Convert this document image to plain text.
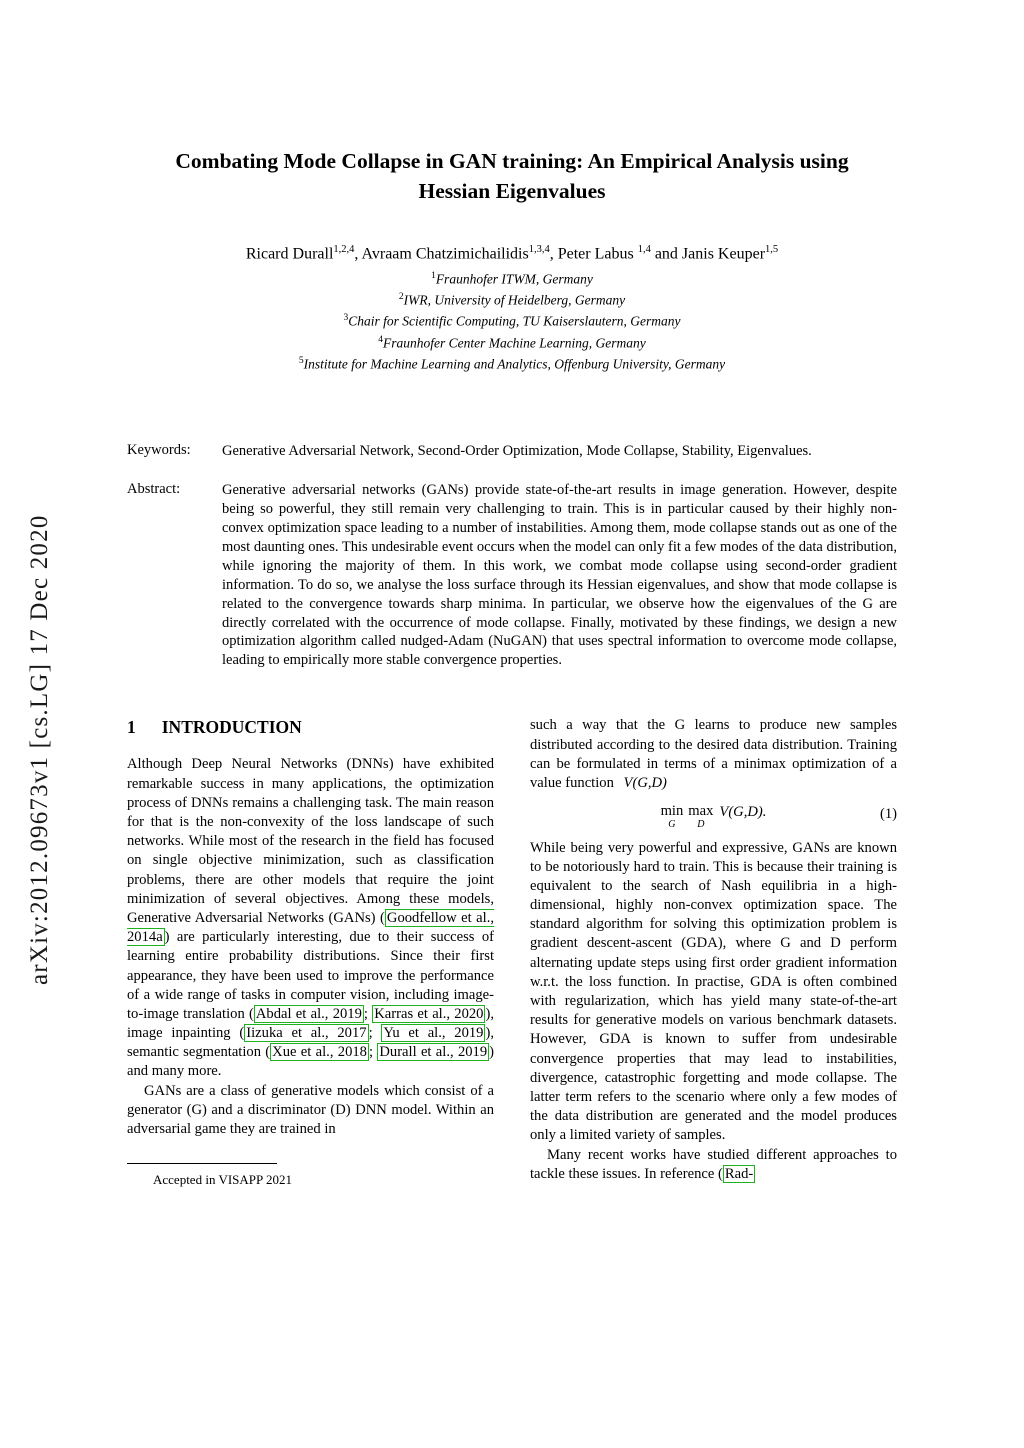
arXiv:2012.09673v1 [cs.LG] 17 Dec 2020
Combating Mode Collapse in GAN training: An Empirical Analysis using Hessian Eigenvalues
Ricard Durall$^{1,2,4}$, Avraam Chatzimichailidis$^{1,3,4}$, Peter Labus $^{1,4}$ and Janis Keuper$^{1,5}$
$^1$Fraunhofer ITWM, Germany
$^2$IWR, University of Heidelberg, Germany
$^3$Chair for Scientific Computing, TU Kaiserslautern, Germany
$^4$Fraunhofer Center Machine Learning, Germany
$^5$Institute for Machine Learning and Analytics, Offenburg University, Germany
Keywords:	Generative Adversarial Network, Second-Order Optimization, Mode Collapse, Stability, Eigenvalues.
Abstract:	Generative adversarial networks (GANs) provide state-of-the-art results in image generation. However, despite being so powerful, they still remain very challenging to train. This is in particular caused by their highly non-convex optimization space leading to a number of instabilities. Among them, mode collapse stands out as one of the most daunting ones. This undesirable event occurs when the model can only fit a few modes of the data distribution, while ignoring the majority of them. In this work, we combat mode collapse using second-order gradient information. To do so, we analyse the loss surface through its Hessian eigenvalues, and show that mode collapse is related to the convergence towards sharp minima. In particular, we observe how the eigenvalues of the G are directly correlated with the occurrence of mode collapse. Finally, motivated by these findings, we design a new optimization algorithm called nudged-Adam (NuGAN) that uses spectral information to overcome mode collapse, leading to empirically more stable convergence properties.
1 INTRODUCTION

Although Deep Neural Networks (DNNs) have exhibited remarkable success in many applications, the optimization process of DNNs remains a challenging task. The main reason for that is the non-convexity of the loss landscape of such networks. While most of the research in the field has focused on single objective minimization, such as classification problems, there are other models that require the joint minimization of several objectives. Among these models, Generative Adversarial Networks (GANs) ( Goodfellow et al., 2014a ) are particularly interesting, due to their success of learning entire probability distributions. Since their first appearance, they have been used to improve the performance of a wide range of tasks in computer vision, including image-to-image translation ( Abdal et al., 2019 ; Karras et al., 2020 ), image inpainting ( Iizuka et al., 2017 ; Yu et al., 2019 ), semantic segmentation ( Xue et al., 2018 ; Durall et al., 2019 ) and many more.

GANs are a class of generative models which consist of a generator (G) and a discriminator (D) DNN model. Within an adversarial game they are trained in

Accepted in VISAPP 2021

such a way that the G learns to produce new samples distributed according to the desired data distribution. Training can be formulated in terms of a minimax optimization of a value function V(G,D)

min
G
max
D
V(G,D).	(1)

While being very powerful and expressive, GANs are known to be notoriously hard to train. This is because their training is equivalent to the search of Nash equilibria in a high-dimensional, highly non-convex optimization space. The standard algorithm for solving this optimization problem is gradient descent-ascent (GDA), where G and D perform alternating update steps using first order gradient information w.r.t. the loss function. In practise, GDA is often combined with regularization, which has yield many state-of-the-art results for generative models on various benchmark datasets. However, GDA is known to suffer from undesirable convergence properties that may lead to instabilities, divergence, catastrophic forgetting and mode collapse. The latter term refers to the scenario where only a few modes of the data distribution are generated and the model produces only a limited variety of samples.

Many recent works have studied different approaches to tackle these issues. In reference ( Rad-
